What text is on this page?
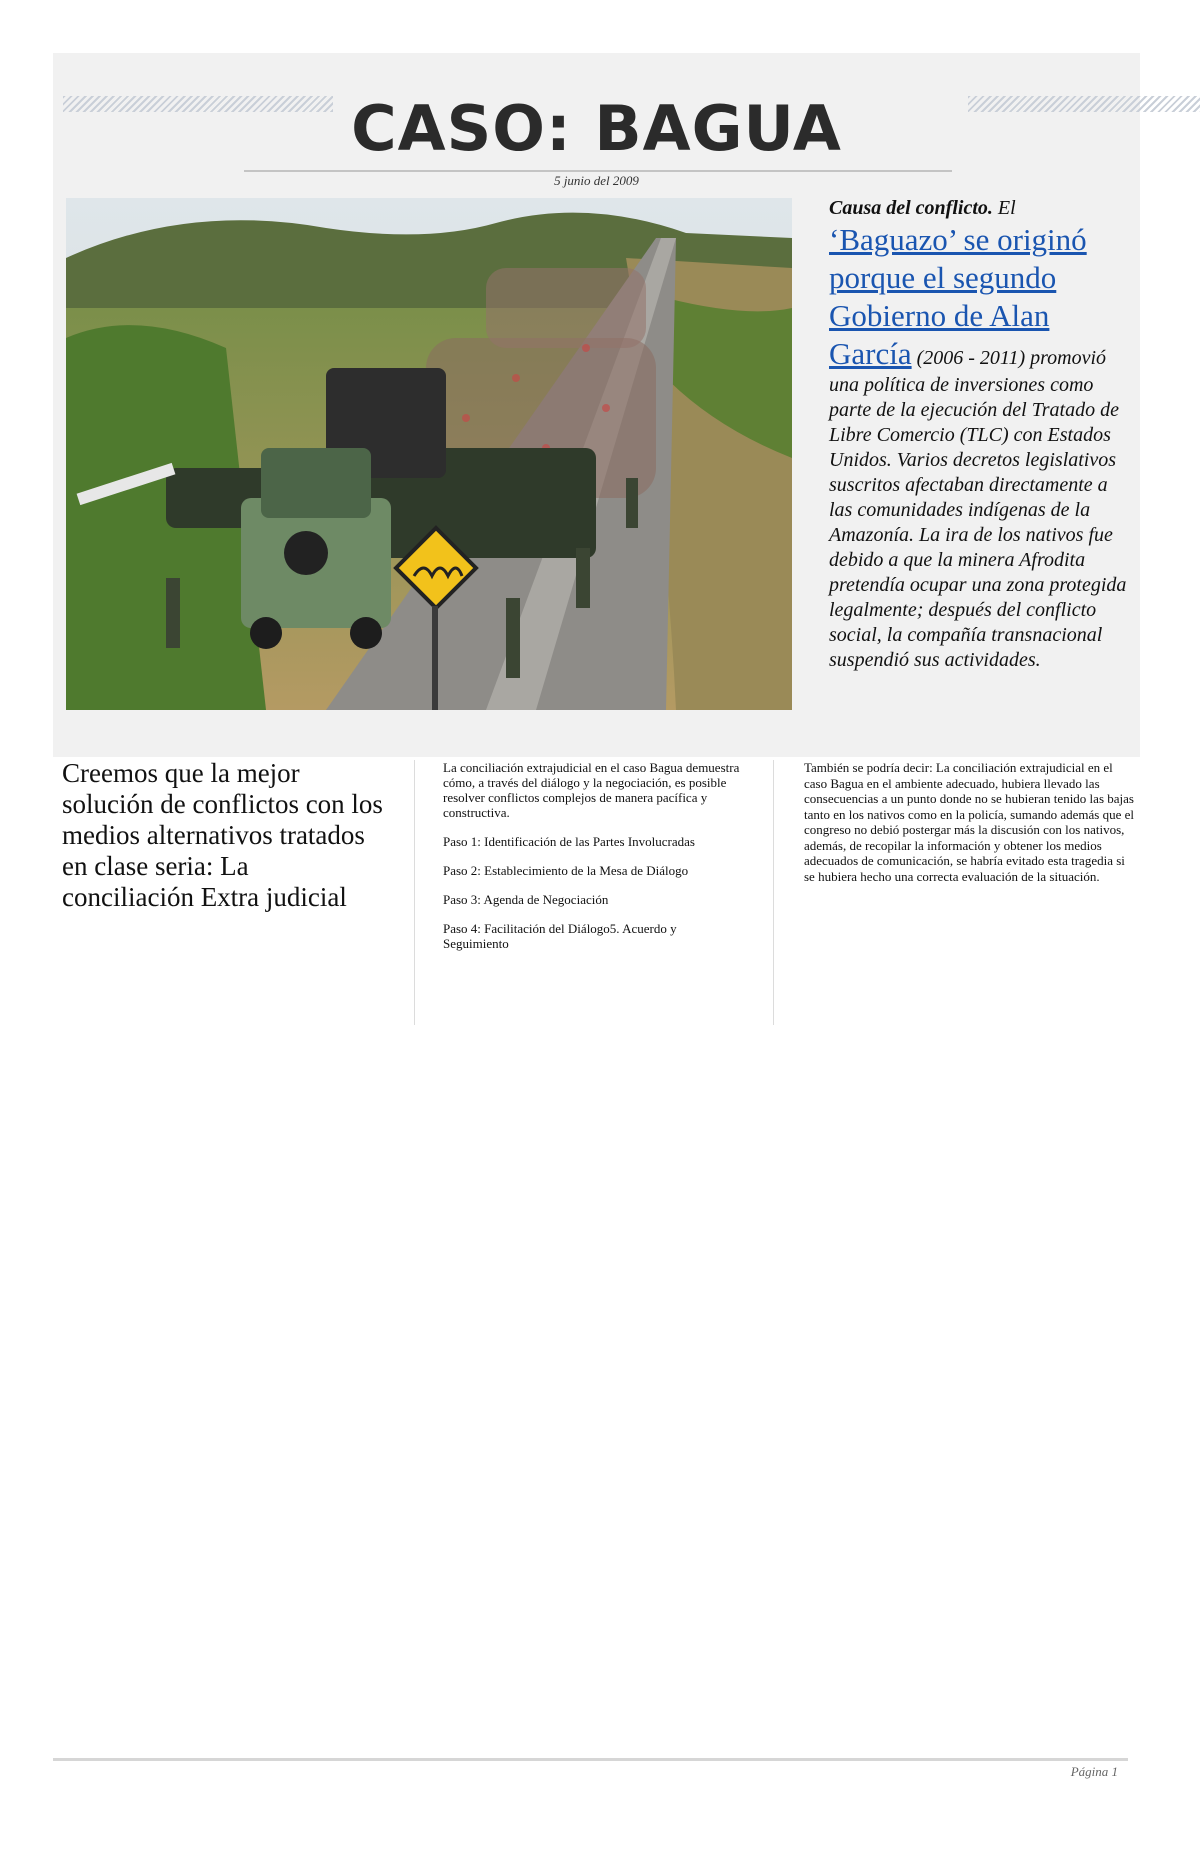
CASO: BAGUA

5 junio del 2009

Causa del conflicto. El ‘Baguazo’ se originó porque el segundo Gobierno de Alan García (2006 - 2011) promovió una política de inversiones como parte de la ejecución del Tratado de Libre Comercio (TLC) con Estados Unidos. Varios decretos legislativos suscritos afectaban directamente a las comunidades indígenas de la Amazonía. La ira de los nativos fue debido a que la minera Afrodita pretendía ocupar una zona protegida legalmente; después del conflicto social, la compañía transnacional suspendió sus actividades.

Creemos que la mejor solución de conflictos con los medios alternativos tratados en clase seria: La conciliación Extra judicial

La conciliación extrajudicial en el caso Bagua demuestra cómo, a través del diálogo y la negociación, es posible resolver conflictos complejos de manera pacífica y constructiva.

Paso 1: Identificación de las Partes Involucradas

Paso 2: Establecimiento de la Mesa de Diálogo

Paso 3: Agenda de Negociación

Paso 4: Facilitación del Diálogo5. Acuerdo y Seguimiento

También se podría decir: La conciliación extrajudicial en el caso Bagua en el ambiente adecuado, hubiera llevado las consecuencias a un punto donde no se hubieran tenido las bajas tanto en los nativos como en la policía, sumando además que el congreso no debió postergar más la discusión con los nativos, además, de recopilar la información y obtener los medios adecuados de comunicación, se habría evitado esta tragedia si se hubiera hecho una correcta evaluación de la situación.

Página 1
